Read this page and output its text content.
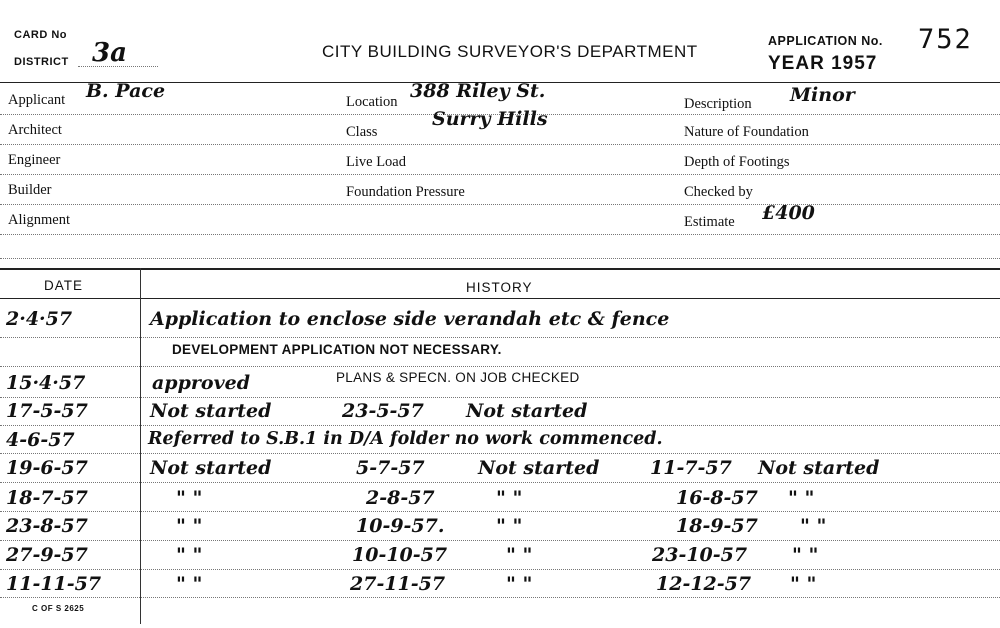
CARD No
DISTRICT 3a	CITY BUILDING SURVEYOR'S DEPARTMENT
APPLICATION No. 752
YEAR 1957
Applicant B. Pace
Architect
Engineer
Builder
Alignment
Location 388 Riley St.
Class
Surry Hills
Live Load
Foundation Pressure
Description Minor
Nature of Foundation
Depth of Footings
Checked by
Estimate £400
DATE	HISTORY
2·4·57	Application to enclose side verandah etc & fence
DEVELOPMENT APPLICATION NOT NECESSARY.
15·4·57	approved	PLANS & SPECN. ON JOB CHECKED
17-5-57	Not started	23-5-57 Not started
4-6-57	Referred to S.B.1 in D/A folder no work commenced.
19-6-57	Not started	5-7-57	Not started	11-7-57 Not started
18-7-57	" "	2-8-57	" "	16-8-57 " "
23-8-57	" "	10-9-57.	" "	18-9-57 " "
27-9-57	" "	10-10-57	" "	23-10-57 " "
11-11-57	" "	27-11-57	" "	12-12-57 " "
C OF S 2625
